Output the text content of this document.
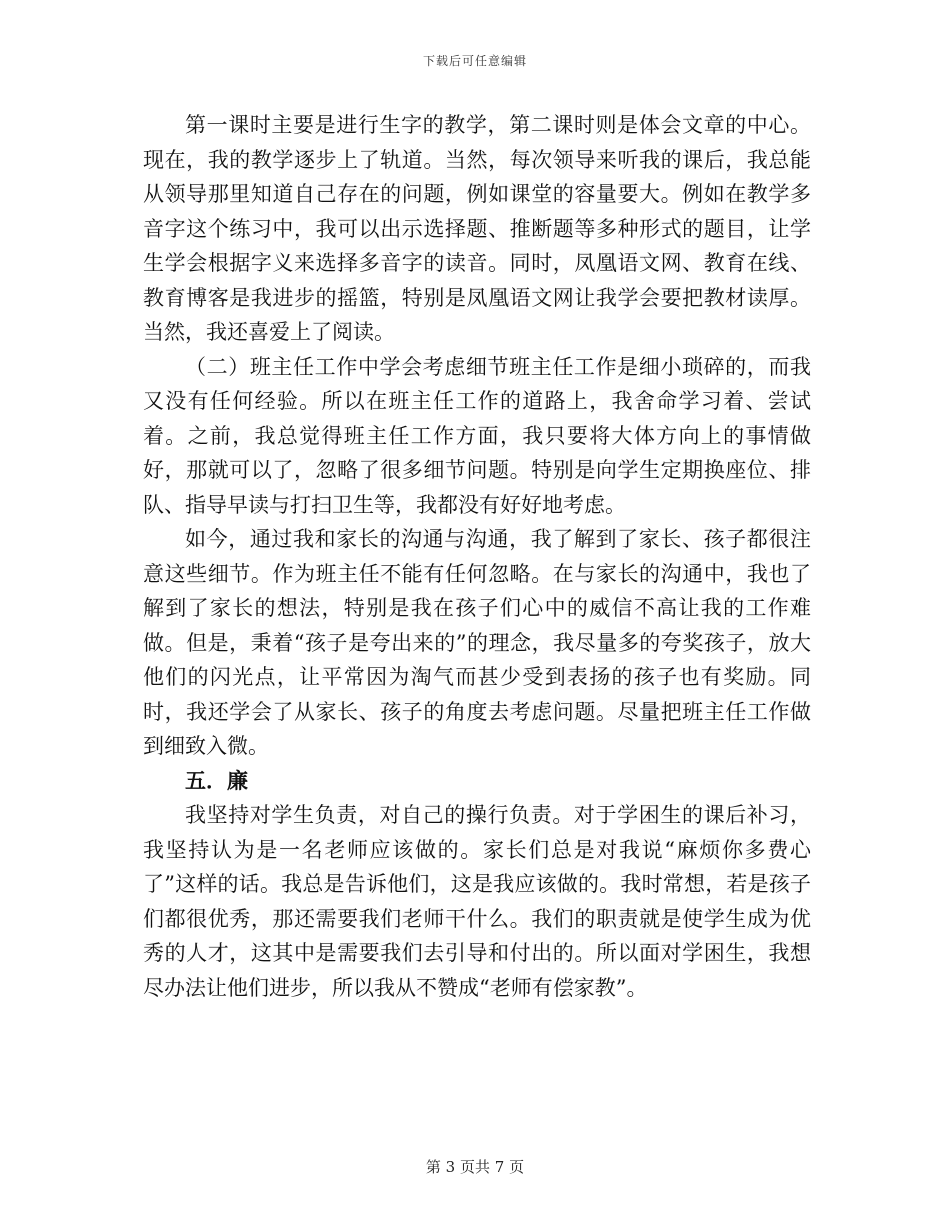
下载后可任意编辑

第一课时主要是进行生字的教学，第二课时则是体会文章的中心。现在，我的教学逐步上了轨道。当然，每次领导来听我的课后，我总能从领导那里知道自己存在的问题，例如课堂的容量要大。例如在教学多音字这个练习中，我可以出示选择题、推断题等多种形式的题目，让学生学会根据字义来选择多音字的读音。同时，凤凰语文网、教育在线、教育博客是我进步的摇篮，特别是凤凰语文网让我学会要把教材读厚。当然，我还喜爱上了阅读。

（二）班主任工作中学会考虑细节班主任工作是细小琐碎的，而我又没有任何经验。所以在班主任工作的道路上，我舍命学习着、尝试着。之前，我总觉得班主任工作方面，我只要将大体方向上的事情做好，那就可以了，忽略了很多细节问题。特别是向学生定期换座位、排队、指导早读与打扫卫生等，我都没有好好地考虑。

如今，通过我和家长的沟通与沟通，我了解到了家长、孩子都很注意这些细节。作为班主任不能有任何忽略。在与家长的沟通中，我也了解到了家长的想法，特别是我在孩子们心中的威信不高让我的工作难做。但是，秉着“孩子是夸出来的”的理念，我尽量多的夸奖孩子，放大他们的闪光点，让平常因为淘气而甚少受到表扬的孩子也有奖励。同时，我还学会了从家长、孩子的角度去考虑问题。尽量把班主任工作做到细致入微。

五．廉

我坚持对学生负责，对自己的操行负责。对于学困生的课后补习，我坚持认为是一名老师应该做的。家长们总是对我说“麻烦你多费心了”这样的话。我总是告诉他们，这是我应该做的。我时常想，若是孩子们都很优秀，那还需要我们老师干什么。我们的职责就是使学生成为优秀的人才，这其中是需要我们去引导和付出的。所以面对学困生，我想尽办法让他们进步，所以我从不赞成“老师有偿家教”。

第 3 页共 7 页
